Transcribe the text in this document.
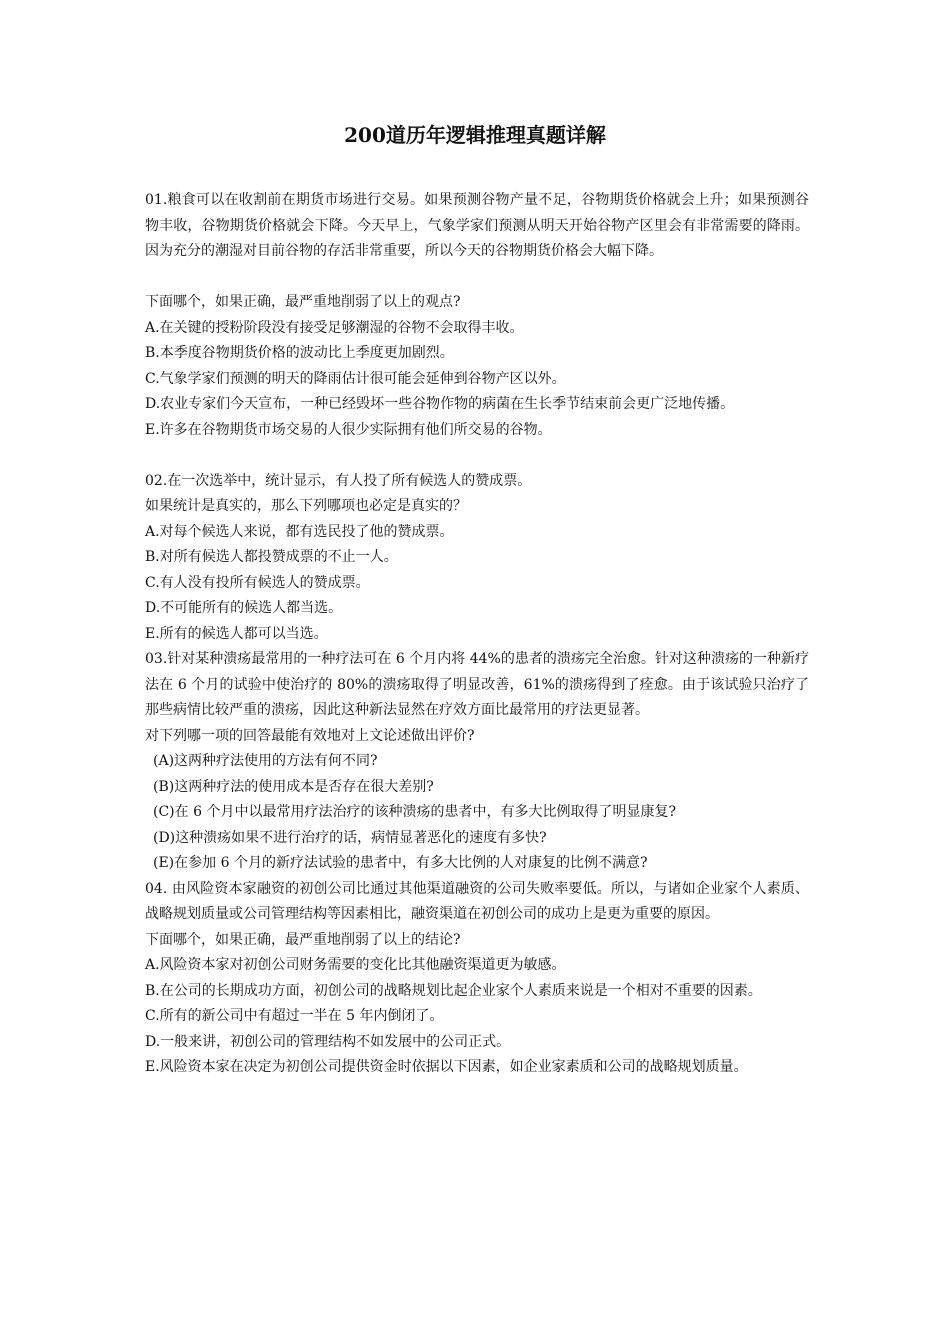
200道历年逻辑推理真题详解

01.粮食可以在收割前在期货市场进行交易。如果预测谷物产量不足，谷物期货价格就会上升；如果预测谷物丰收，谷物期货价格就会下降。今天早上，气象学家们预测从明天开始谷物产区里会有非常需要的降雨。因为充分的潮湿对目前谷物的存活非常重要，所以今天的谷物期货价格会大幅下降。

下面哪个，如果正确，最严重地削弱了以上的观点?

A.在关键的授粉阶段没有接受足够潮湿的谷物不会取得丰收。

B.本季度谷物期货价格的波动比上季度更加剧烈。

C.气象学家们预测的明天的降雨估计很可能会延伸到谷物产区以外。

D.农业专家们今天宣布，一种已经毁坏一些谷物作物的病菌在生长季节结束前会更广泛地传播。

E.许多在谷物期货市场交易的人很少实际拥有他们所交易的谷物。

02.在一次选举中，统计显示，有人投了所有候选人的赞成票。

如果统计是真实的，那么下列哪项也必定是真实的？

A.对每个候选人来说，都有选民投了他的赞成票。

B.对所有候选人都投赞成票的不止一人。

C.有人没有投所有候选人的赞成票。

D.不可能所有的候选人都当选。

E.所有的候选人都可以当选。

03.针对某种溃疡最常用的一种疗法可在 6 个月内将 44%的患者的溃疡完全治愈。针对这种溃疡的一种新疗法在 6 个月的试验中使治疗的 80%的溃疡取得了明显改善，61%的溃疡得到了痊愈。由于该试验只治疗了那些病情比较严重的溃疡，因此这种新法显然在疗效方面比最常用的疗法更显著。

对下列哪一项的回答最能有效地对上文论述做出评价?

(A)这两种疗法使用的方法有何不同?

(B)这两种疗法的使用成本是否存在很大差别?

(C)在 6 个月中以最常用疗法治疗的该种溃疡的患者中，有多大比例取得了明显康复?

(D)这种溃疡如果不进行治疗的话，病情显著恶化的速度有多快?

(E)在参加 6 个月的新疗法试验的患者中，有多大比例的人对康复的比例不满意?

04. 由风险资本家融资的初创公司比通过其他渠道融资的公司失败率要低。所以，与诸如企业家个人素质、战略规划质量或公司管理结构等因素相比，融资渠道在初创公司的成功上是更为重要的原因。

下面哪个，如果正确，最严重地削弱了以上的结论?

A.风险资本家对初创公司财务需要的变化比其他融资渠道更为敏感。

B.在公司的长期成功方面，初创公司的战略规划比起企业家个人素质来说是一个相对不重要的因素。

C.所有的新公司中有超过一半在 5 年内倒闭了。

D.一般来讲，初创公司的管理结构不如发展中的公司正式。

E.风险资本家在决定为初创公司提供资金时依据以下因素，如企业家素质和公司的战略规划质量。
